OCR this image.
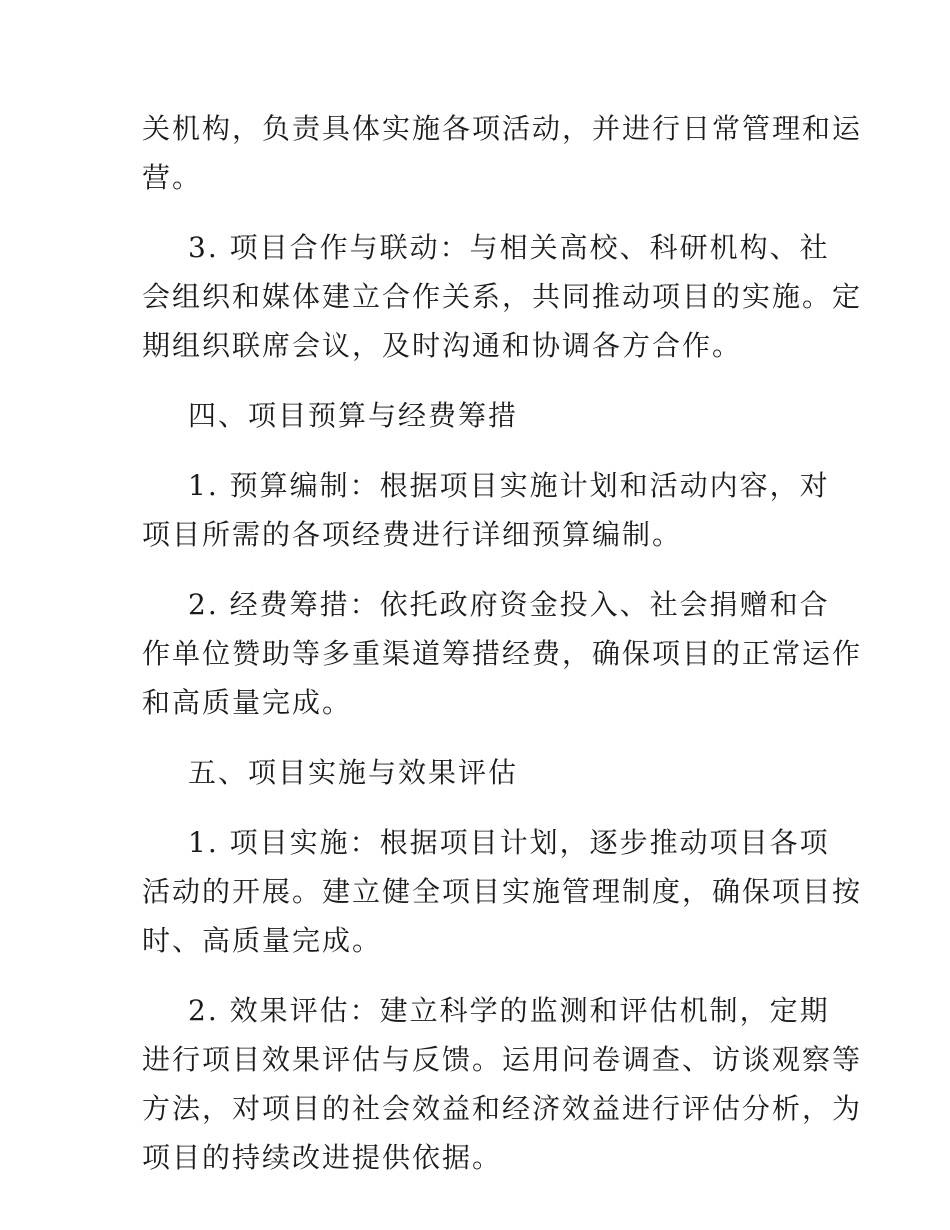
关机构，负责具体实施各项活动，并进行日常管理和运
营。
3. 项目合作与联动：与相关高校、科研机构、社
会组织和媒体建立合作关系，共同推动项目的实施。定
期组织联席会议，及时沟通和协调各方合作。
四、项目预算与经费筹措
1. 预算编制：根据项目实施计划和活动内容，对
项目所需的各项经费进行详细预算编制。
2. 经费筹措：依托政府资金投入、社会捐赠和合
作单位赞助等多重渠道筹措经费，确保项目的正常运作
和高质量完成。
五、项目实施与效果评估
1. 项目实施：根据项目计划，逐步推动项目各项
活动的开展。建立健全项目实施管理制度，确保项目按
时、高质量完成。
2. 效果评估：建立科学的监测和评估机制，定期
进行项目效果评估与反馈。运用问卷调查、访谈观察等
方法，对项目的社会效益和经济效益进行评估分析，为
项目的持续改进提供依据。
